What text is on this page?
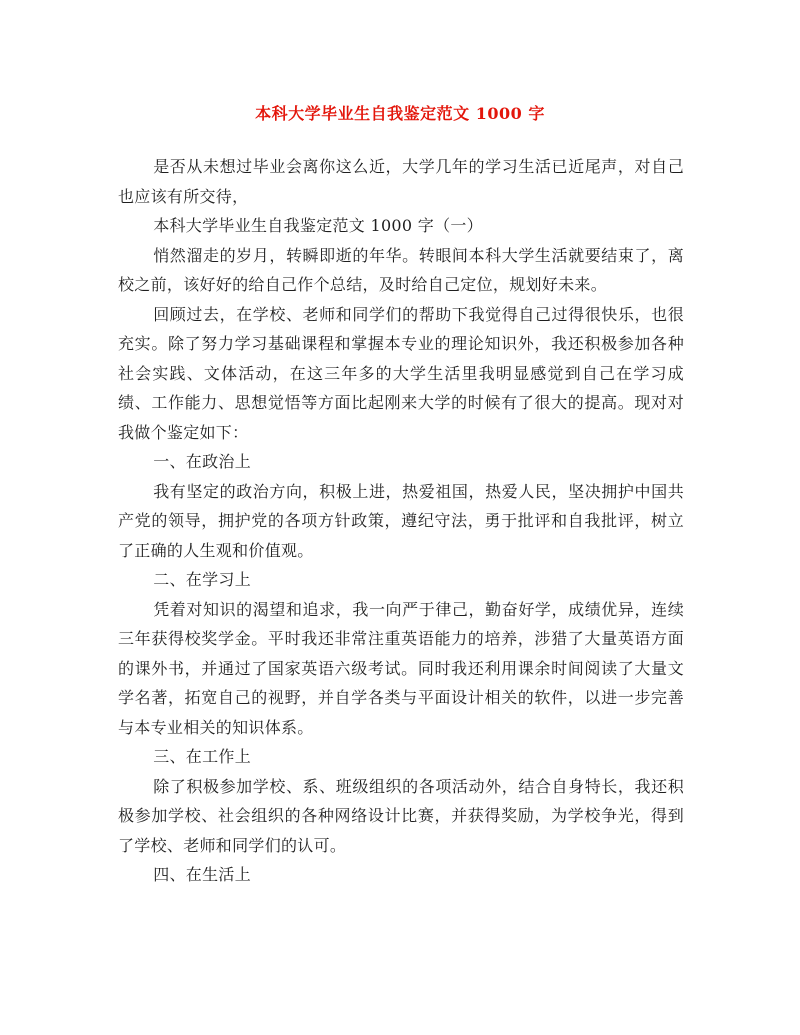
本科大学毕业生自我鉴定范文 1000 字

是否从未想过毕业会离你这么近，大学几年的学习生活已近尾声，对自己也应该有所交待，

本科大学毕业生自我鉴定范文 1000 字（一）

悄然溜走的岁月，转瞬即逝的年华。转眼间本科大学生活就要结束了，离校之前，该好好的给自己作个总结，及时给自己定位，规划好未来。

回顾过去，在学校、老师和同学们的帮助下我觉得自己过得很快乐，也很充实。除了努力学习基础课程和掌握本专业的理论知识外，我还积极参加各种社会实践、文体活动，在这三年多的大学生活里我明显感觉到自己在学习成绩、工作能力、思想觉悟等方面比起刚来大学的时候有了很大的提高。现对对我做个鉴定如下：

一、在政治上

我有坚定的政治方向，积极上进，热爱祖国，热爱人民，坚决拥护中国共产党的领导，拥护党的各项方针政策，遵纪守法，勇于批评和自我批评，树立了正确的人生观和价值观。

二、在学习上

凭着对知识的渴望和追求，我一向严于律己，勤奋好学，成绩优异，连续三年获得校奖学金。平时我还非常注重英语能力的培养，涉猎了大量英语方面的课外书，并通过了国家英语六级考试。同时我还利用课余时间阅读了大量文学名著，拓宽自己的视野，并自学各类与平面设计相关的软件，以进一步完善与本专业相关的知识体系。

三、在工作上

除了积极参加学校、系、班级组织的各项活动外，结合自身特长，我还积极参加学校、社会组织的各种网络设计比赛，并获得奖励，为学校争光，得到了学校、老师和同学们的认可。

四、在生活上
